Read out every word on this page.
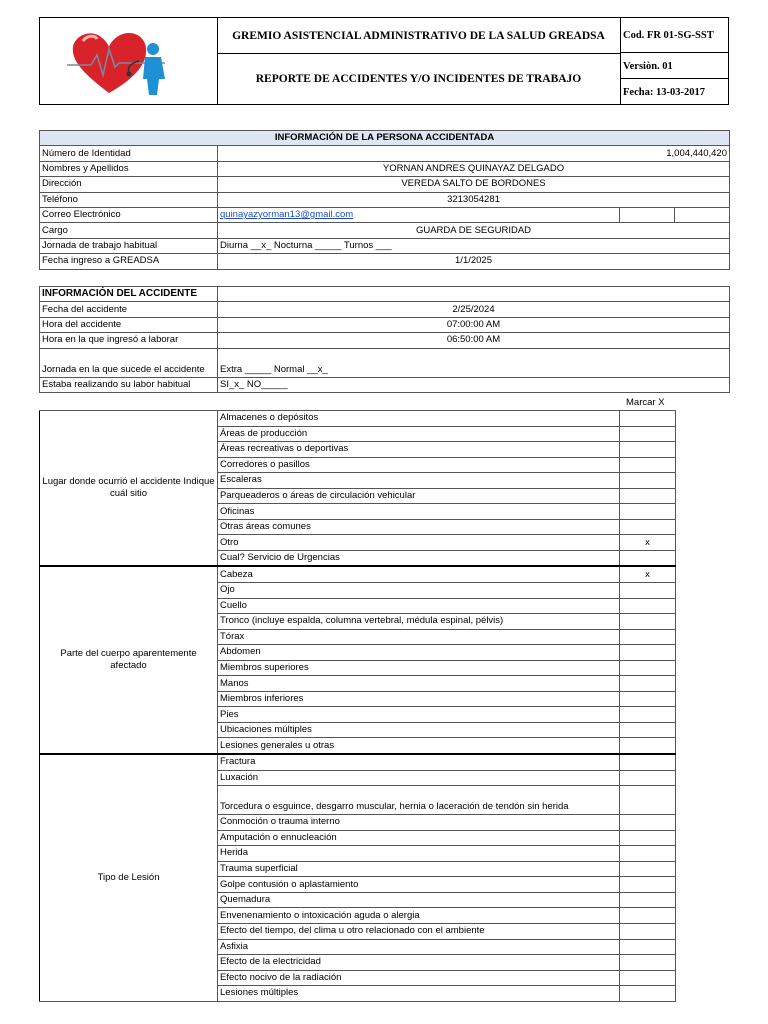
GREMIO ASISTENCIAL ADMINISTRATIVO DE LA SALUD GREADSA
REPORTE DE ACCIDENTES Y/O INCIDENTES DE TRABAJO
Cod. FR 01-SG-SST
Versiòn. 01
Fecha: 13-03-2017
INFORMACIÓN DE LA PERSONA ACCIDENTADA			
Número de Identidad	1,004,440,420		
Nombres y Apellidos	YORNAN ANDRES QUINAYAZ DELGADO		
Dirección	VEREDA SALTO DE BORDONES		
Teléfono	3213054281		
Correo Electrónico	quinayazyorman13@gmail.com		
Cargo	GUARDA DE SEGURIDAD		
Jornada de trabajo habitual	Diurna __x_ Nocturna _____ Turnos ___		
Fecha ingreso a GREADSA	1/1/2025		
INFORMACIÓN DEL ACCIDENTE	
Fecha del accidente	2/25/2024
Hora del accidente	07:00:00 AM
Hora en la que ingresó a laborar	06:50:00 AM
Jornada en la que sucede el accidente	Extra _____ Normal __x_
Estaba realizando su labor habitual	SI_x_ NO_____
Marcar X
Lugar donde ocurrió el accidente Indique cuál sitio	Almacenes o depósitos	
	Áreas de producción	
	Áreas recreativas o deportivas	
	Corredores o pasillos	
	Escaleras	
	Parqueaderos o áreas de circulación vehicular	
	Oficinas	
	Otras áreas comunes	
	Otro	x
	Cual? Servicio de Urgencias	
Parte del cuerpo aparentemente afectado	Cabeza	x
	Ojo	
	Cuello	
	Tronco (incluye espalda, columna vertebral, médula espinal, pélvis)	
	Tórax	
	Abdomen	
	Miembros superiores	
	Manos	
	Miembros inferiores	
	Pies	
	Ubicaciones múltiples	
	Lesiones generales u otras	
Tipo de Lesión	Fractura	
	Luxación	
	Torcedura o esguince, desgarro muscular, hernia o laceración de tendón sin herida	
	Conmoción o trauma interno	
	Amputación o ennucleación	
	Herida	
	Trauma superficial	
	Golpe contusión o aplastamiento	
	Quemadura	
	Envenenamiento o intoxicación aguda o alergia	
	Efecto del tiempo, del clima u otro relacionado con el ambiente	
	Asfixia	
	Efecto de la electricidad	
	Efecto nocivo de la radiación	
	Lesiones múltiples	
